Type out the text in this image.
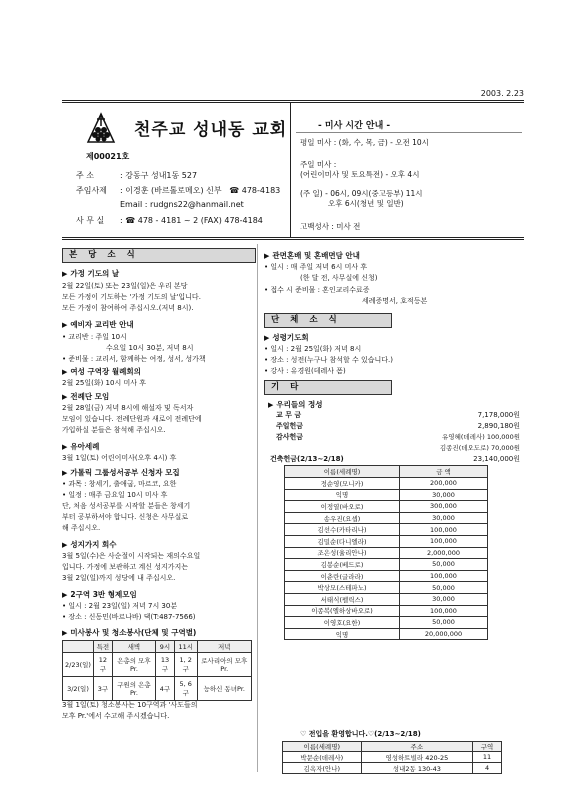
2003. 2.23
천주교 성내동 교회
제00021호
주 소	: 강동구 성내1동 527
주임사제 : 이경훈 (바르톨로메오) 신부 ☎ 478-4183
Email : rudgns22@hanmail.net
사 무 실 : ☎ 478 - 4181 ~ 2 (FAX) 478-4184
- 미사 시간 안내 -
평일 미사 : (화, 수, 목, 금) - 오전 10시
주일 미사 :
(어린이미사 및 토요특전) - 오후 4시
(주 일) - 06시, 09시(중고등부) 11시
오후 6시(청년 및 일반)
고백성사 : 미사 전
본 당 소 식
▶ 가정 기도의 날
2월 22일(토) 또는 23일(일)은 우리 본당
모든 가정이 기도하는 '가정 기도의 날'입니다.
모든 가정이 참여하여 주십시오.(저녁 8시).
▶ 예비자 교리반 안내
• 교리반 : 주일 10시
수요일 10시 30분, 저녁 8시
• 준비물 : 교리서, 함께하는 여정, 성서, 성가책
▶ 여성 구역장 월례회의
2월 25일(화) 10시 미사 후
▶ 전례단 모임
2월 28일(금) 저녁 8시에 해설자 및 독서자
모임이 있습니다. 전례단원과 새로이 전례단에
가입하실 분들은 참석해 주십시오.
▶ 유아세례
3월 1일(토) 어린이미사(오후 4시) 후
▶ 가톨릭 그룹성서공부 신청자 모집
• 과목 : 창세기, 출애굽, 마르코, 요한
• 일정 : 매주 금요일 10시 미사 후
단, 처음 성서공부를 시작할 분들은 창세기
부터 공부하셔야 합니다. 신청은 사무실로
해 주십시오.
▶ 성지가지 회수
3월 5일(수)은 사순절이 시작되는 재의수요일
입니다. 가정에 보관하고 계신 성지가지는
3월 2일(일)까지 성당에 내 주십시오.
▶ 2구역 3반 형제모임
• 일시 : 2월 23일(일) 저녁 7시 30분
• 장소 : 신동민(바르나바) 댁(T:487-7566)
▶ 미사봉사 및 청소봉사(단체 및 구역별)
	특전	새벽	9시	11시	저녁
2/23(일)	12구	은총의 모후Pr.	13구	1, 2구	로사리아의 모후Pr.
3/2(일)	3구	구원의 은총Pr.	4구	5, 6구	능하신 동녀Pr.
3월 1일(토) 청소봉사는 10구역과 '사도들의
모후 Pr.'에서 수고해 주시겠습니다.
▶ 관면혼배 및 혼배면담 안내
• 일시 : 매 주일 저녁 6시 미사 후
(한 달 전, 사무실에 신청)
• 접수 시 준비물 : 혼인교리수료증
세례증명서, 호적등본
단 체 소 식
▶ 성령기도회
• 일시 : 2월 25일(화) 저녁 8시
• 장소 : 성전(누구나 참석할 수 있습니다.)
• 강사 : 유경원(데레사 폼)
기 타
▶ 우리들의 정성
교 무 금	7,178,000원
주일헌금	2,890,180원
감사헌금	유영혜(데레사) 100,000원
김종진(데오도로) 70,000원
건축헌금(2/13~2/18)	23,140,000원
이름(세례명)	금 액
정순영(모니카)	200,000
익명	30,000
이정열(바오로)	300,000
송우진(요셉)	30,000
김선수(카타리나)	100,000
김밀순(다니엘라)	100,000
조은성(율리안나)	2,000,000
김봉순(베드로)	50,000
이춘란(글라라)	100,000
박상모(스테파노)	50,000
서태식(펠릭스)	30,000
이종복(엘하상바오로)	100,000
이영호(요한)	50,000
익명	20,000,000
♡ 전입을 환영합니다.♡(2/13~2/18)
이름(세례명)	주소	구역
박문순(데레사)	영성하트빌라 420-25	11
김옥자(안나)	성내2동 130-43	4
